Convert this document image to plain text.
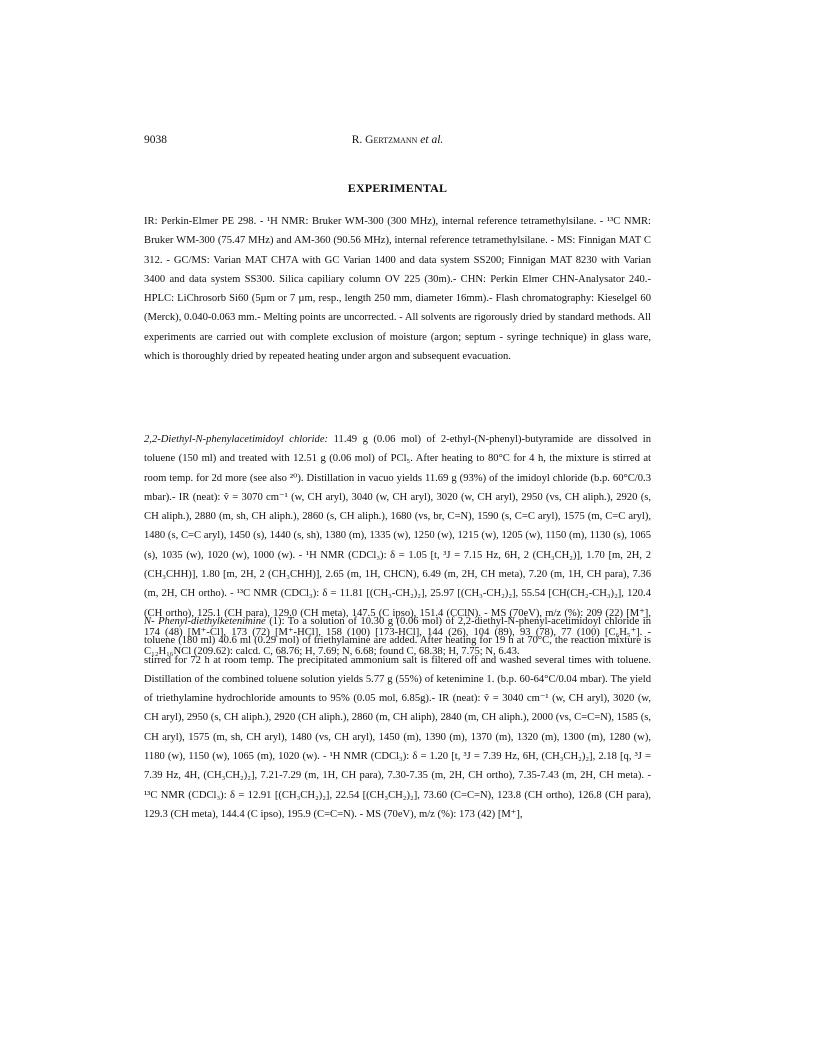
9038	R. Gertzmann et al.
EXPERIMENTAL
IR: Perkin-Elmer PE 298. - ¹H NMR: Bruker WM-300 (300 MHz), internal reference tetramethylsilane. - ¹³C NMR: Bruker WM-300 (75.47 MHz) and AM-360 (90.56 MHz), internal reference tetramethylsilane. - MS: Finnigan MAT C 312. - GC/MS: Varian MAT CH7A with GC Varian 1400 and data system SS200; Finnigan MAT 8230 with Varian 3400 and data system SS300. Silica capiliary column OV 225 (30m).- CHN: Perkin Elmer CHN-Analysator 240.- HPLC: LiChrosorb Si60 (5µm or 7 µm, resp., length 250 mm, diameter 16mm).- Flash chromatography: Kieselgel 60 (Merck), 0.040-0.063 mm.- Melting points are uncorrected. - All solvents are rigorously dried by standard methods. All experiments are carried out with complete exclusion of moisture (argon; septum - syringe technique) in glass ware, which is thoroughly dried by repeated heating under argon and subsequent evacuation.
2,2-Diethyl-N-phenylacetimidoyl chloride: 11.49 g (0.06 mol) of 2-ethyl-(N-phenyl)-butyramide are dissolved in toluene (150 ml) and treated with 12.51 g (0.06 mol) of PCl₅. After heating to 80°C for 4 h, the mixture is stirred at room temp. for 2d more (see also ²⁰). Distillation in vacuo yields 11.69 g (93%) of the imidoyl chloride (b.p. 60°C/0.3 mbar).- IR (neat): ṽ = 3070 cm⁻¹ (w, CH aryl), 3040 (w, CH aryl), 3020 (w, CH aryl), 2950 (vs, CH aliph.), 2920 (s, CH aliph.), 2880 (m, sh, CH aliph.), 2860 (s, CH aliph.), 1680 (vs, br, C=N), 1590 (s, C=C aryl), 1575 (m, C=C aryl), 1480 (s, C=C aryl), 1450 (s), 1440 (s, sh), 1380 (m), 1335 (w), 1250 (w), 1215 (w), 1205 (w), 1150 (m), 1130 (s), 1065 (s), 1035 (w), 1020 (w), 1000 (w). - ¹H NMR (CDCl₃): δ = 1.05 [t, ³J = 7.15 Hz, 6H, 2 (CH₃CH₂)], 1.70 [m, 2H, 2 (CH₃CHH)], 1.80 [m, 2H, 2 (CH₃CHH)], 2.65 (m, 1H, CHCN), 6.49 (m, 2H, CH meta), 7.20 (m, 1H, CH para), 7.36 (m, 2H, CH ortho). - ¹³C NMR (CDCl₃): δ = 11.81 [(CH₃-CH₂)₂], 25.97 [(CH₃-CH₂)₂], 55.54 [CH(CH₂-CH₃)₂], 120.4 (CH ortho), 125.1 (CH para), 129.0 (CH meta), 147.5 (C ipso), 151.4 (CClN). - MS (70eV), m/z (%): 209 (22) [M⁺], 174 (48) [M⁺-Cl], 173 (72) [M⁺-HCl], 158 (100) [173-HCl], 144 (26), 104 (89), 93 (78), 77 (100) [C₆H₅⁺]. - C₁₂H₁₆NCl (209.62): calcd. C, 68.76; H, 7.69; N, 6.68; found C, 68.38; H, 7.75; N, 6.43.
N- Phenyl-diethylketenimine (1): To a solution of 10.30 g (0.06 mol) of 2,2-diethyl-N-phenyl-acetimidoyl chloride in toluene (180 ml) 40.6 ml (0.29 mol) of triethylamine are added. After heating for 19 h at 70°C, the reaction mixture is stirred for 72 h at room temp. The precipitated ammonium salt is filtered off and washed several times with toluene. Distillation of the combined toluene solution yields 5.77 g (55%) of ketenimine 1. (b.p. 60-64°C/0.04 mbar). The yield of triethylamine hydrochloride amounts to 95% (0.05 mol, 6.85g).- IR (neat): ṽ = 3040 cm⁻¹ (w, CH aryl), 3020 (w, CH aryl), 2950 (s, CH aliph.), 2920 (CH aliph.), 2860 (m, CH aliph), 2840 (m, CH aliph.), 2000 (vs, C=C=N), 1585 (s, CH aryl), 1575 (m, sh, CH aryl), 1480 (vs, CH aryl), 1450 (m), 1390 (m), 1370 (m), 1320 (m), 1300 (m), 1280 (w), 1180 (w), 1150 (w), 1065 (m), 1020 (w). - ¹H NMR (CDCl₃): δ = 1.20 [t, ³J = 7.39 Hz, 6H, (CH₃CH₂)₂], 2.18 [q, ³J = 7.39 Hz, 4H, (CH₃CH₂)₂], 7.21-7.29 (m, 1H, CH para), 7.30-7.35 (m, 2H, CH ortho), 7.35-7.43 (m, 2H, CH meta). - ¹³C NMR (CDCl₃): δ = 12.91 [(CH₃CH₂)₂], 22.54 [(CH₃CH₂)₂], 73.60 (C=C=N), 123.8 (CH ortho), 126.8 (CH para), 129.3 (CH meta), 144.4 (C ipso), 195.9 (C=C=N). - MS (70eV), m/z (%): 173 (42) [M⁺],
